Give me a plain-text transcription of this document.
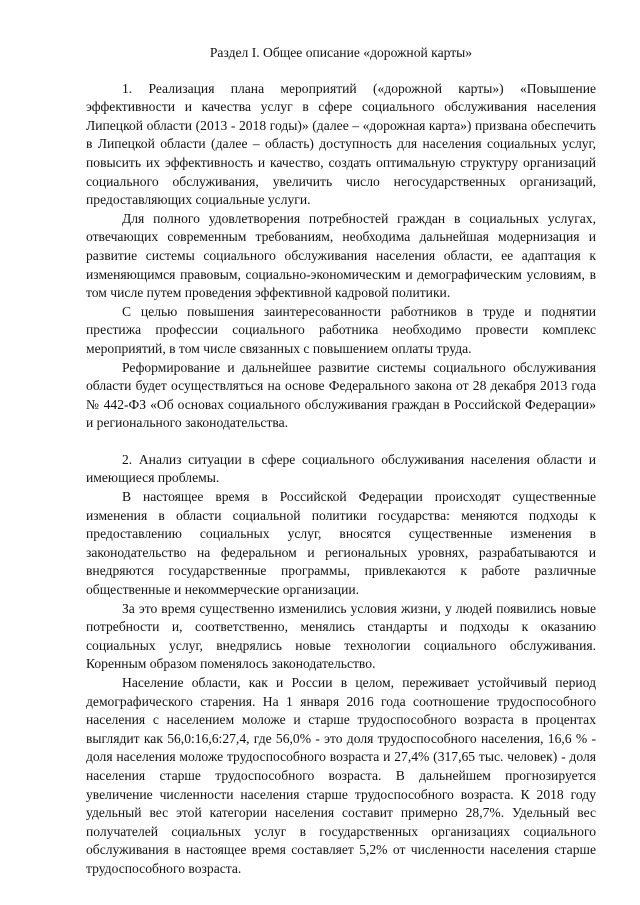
Раздел I. Общее описание «дорожной карты»

1. Реализация плана мероприятий («дорожной карты») «Повышение эффективности и качества услуг в сфере социального обслуживания населения Липецкой области (2013 - 2018 годы)» (далее – «дорожная карта») призвана обеспечить в Липецкой области (далее – область) доступность для населения социальных услуг, повысить их эффективность и качество, создать оптимальную структуру организаций социального обслуживания, увеличить число негосударственных организаций, предоставляющих социальные услуги.

Для полного удовлетворения потребностей граждан в социальных услугах, отвечающих современным требованиям, необходима дальнейшая модернизация и развитие системы социального обслуживания населения области, ее адаптация к изменяющимся правовым, социально-экономическим и демографическим условиям, в том числе путем проведения эффективной кадровой политики.

С целью повышения заинтересованности работников в труде и поднятии престижа профессии социального работника необходимо провести комплекс мероприятий, в том числе связанных с повышением оплаты труда.

Реформирование и дальнейшее развитие системы социального обслуживания области будет осуществляться на основе Федерального закона от 28 декабря 2013 года № 442-ФЗ «Об основах социального обслуживания граждан в Российской Федерации» и регионального законодательства.

2. Анализ ситуации в сфере социального обслуживания населения области и имеющиеся проблемы.

В настоящее время в Российской Федерации происходят существенные изменения в области социальной политики государства: меняются подходы к предоставлению социальных услуг, вносятся существенные изменения в законодательство на федеральном и региональных уровнях, разрабатываются и внедряются государственные программы, привлекаются к работе различные общественные и некоммерческие организации.

За это время существенно изменились условия жизни, у людей появились новые потребности и, соответственно, менялись стандарты и подходы к оказанию социальных услуг, внедрялись новые технологии социального обслуживания. Коренным образом поменялось законодательство.

Население области, как и России в целом, переживает устойчивый период демографического старения. На 1 января 2016 года соотношение трудоспособного населения с населением моложе и старше трудоспособного возраста в процентах выглядит как 56,0:16,6:27,4, где 56,0% - это доля трудоспособного населения, 16,6 % - доля населения моложе трудоспособного возраста и 27,4% (317,65 тыс. человек) - доля населения старше трудоспособного возраста. В дальнейшем прогнозируется увеличение численности населения старше трудоспособного возраста. К 2018 году удельный вес этой категории населения составит примерно 28,7%. Удельный вес получателей социальных услуг в государственных организациях социального обслуживания в настоящее время составляет 5,2% от численности населения старше трудоспособного возраста.
